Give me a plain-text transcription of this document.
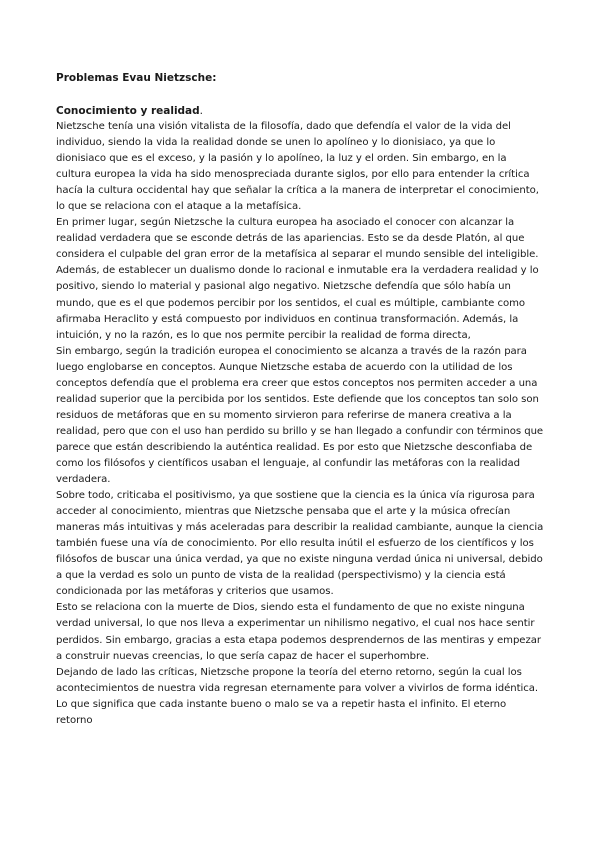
Problemas Evau Nietzsche:

Conocimiento y realidad.

Nietzsche tenía una visión vitalista de la filosofía, dado que defendía el valor de la vida del individuo, siendo la vida la realidad donde se unen lo apolíneo y lo dionisiaco, ya que lo dionisiaco que es el exceso, y la pasión y lo apolíneo, la luz y el orden. Sin embargo, en la cultura europea la vida ha sido menospreciada durante siglos, por ello para entender la crítica hacía la cultura occidental hay que señalar la crítica a la manera de interpretar el conocimiento, lo que se relaciona con el ataque a la metafísica.

En primer lugar, según Nietzsche la cultura europea ha asociado el conocer con alcanzar la realidad verdadera que se esconde detrás de las apariencias. Esto se da desde Platón, al que considera el culpable del gran error de la metafísica al separar el mundo sensible del inteligible. Además, de establecer un dualismo donde lo racional e inmutable era la verdadera realidad y lo positivo, siendo lo material y pasional algo negativo. Nietzsche defendía que sólo había un mundo, que es el que podemos percibir por los sentidos, el cual es múltiple, cambiante como afirmaba Heraclito y está compuesto por individuos en continua transformación. Además, la intuición, y no la razón, es lo que nos permite percibir la realidad de forma directa,

Sin embargo, según la tradición europea el conocimiento se alcanza a través de la razón para luego englobarse en conceptos. Aunque Nietzsche estaba de acuerdo con la utilidad de los conceptos defendía que el problema era creer que estos conceptos nos permiten acceder a una realidad superior que la percibida por los sentidos. Este defiende que los conceptos tan solo son residuos de metáforas que en su momento sirvieron para referirse de manera creativa a la realidad, pero que con el uso han perdido su brillo y se han llegado a confundir con términos que parece que están describiendo la auténtica realidad. Es por esto que Nietzsche desconfiaba de como los filósofos y científicos usaban el lenguaje, al confundir las metáforas con la realidad verdadera.

Sobre todo, criticaba el positivismo, ya que sostiene que la ciencia es la única vía rigurosa para acceder al conocimiento, mientras que Nietzsche pensaba que el arte y la música ofrecían maneras más intuitivas y más aceleradas para describir la realidad cambiante, aunque la ciencia también fuese una vía de conocimiento. Por ello resulta inútil el esfuerzo de los científicos y los filósofos de buscar una única verdad, ya que no existe ninguna verdad única ni universal, debido a que la verdad es solo un punto de vista de la realidad (perspectivismo) y la ciencia está condicionada por las metáforas y criterios que usamos.

Esto se relaciona con la muerte de Dios, siendo esta el fundamento de que no existe ninguna verdad universal, lo que nos lleva a experimentar un nihilismo negativo, el cual nos hace sentir perdidos. Sin embargo, gracias a esta etapa podemos desprendernos de las mentiras y empezar a construir nuevas creencias, lo que sería capaz de hacer el superhombre.

Dejando de lado las críticas, Nietzsche propone la teoría del eterno retorno, según la cual los acontecimientos de nuestra vida regresan eternamente para volver a vivirlos de forma idéntica. Lo que significa que cada instante bueno o malo se va a repetir hasta el infinito. El eterno retorno
